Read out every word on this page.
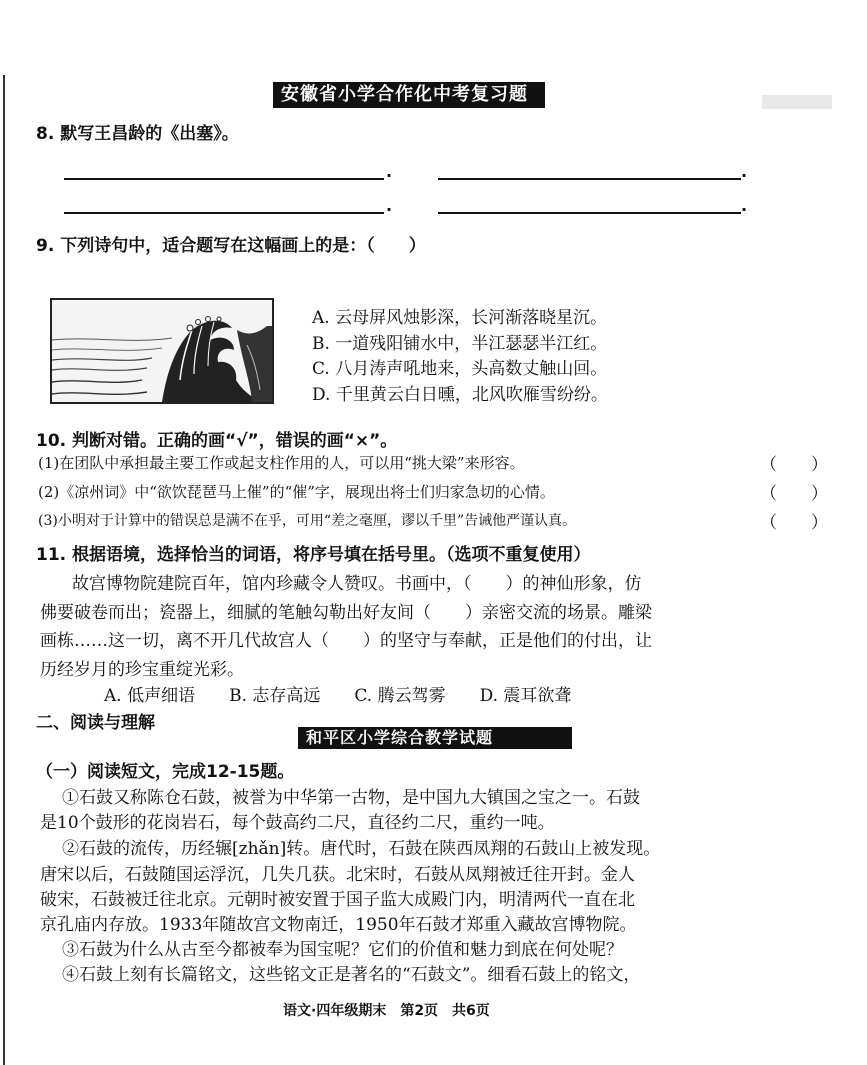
安徽省小学合作化中考复习题
8. 默写王昌龄的《出塞》。
.	.
.	.
9. 下列诗句中，适合题写在这幅画上的是：（　　）
A. 云母屏风烛影深，长河渐落晓星沉。
B. 一道残阳铺水中，半江瑟瑟半江红。
C. 八月涛声吼地来，头高数丈触山回。
D. 千里黄云白日曛，北风吹雁雪纷纷。
10. 判断对错。正确的画“√”，错误的画“×”。
(1)在团队中承担最主要工作或起支柱作用的人，可以用“挑大梁”来形容。	（　　）
(2)《凉州词》中“欲饮琵琶马上催”的“催”字，展现出将士们归家急切的心情。	（　　）
(3)小明对于计算中的错误总是满不在乎，可用“差之毫厘，谬以千里”告诫他严谨认真。	（　　）
11. 根据语境，选择恰当的词语，将序号填在括号里。（选项不重复使用）
故宫博物院建院百年，馆内珍藏令人赞叹。书画中，（　　）的神仙形象，仿
佛要破卷而出；瓷器上，细腻的笔触勾勒出好友间（　　）亲密交流的场景。雕梁
画栋……这一切，离不开几代故宫人（　　）的坚守与奉献，正是他们的付出，让
历经岁月的珍宝重绽光彩。
A. 低声细语　　B. 志存高远　　C. 腾云驾雾　　D. 震耳欲聋
二、阅读与理解
和平区小学综合教学试题
（一）阅读短文，完成12-15题。
①石鼓又称陈仓石鼓，被誉为中华第一古物，是中国九大镇国之宝之一。石鼓
是10个鼓形的花岗岩石，每个鼓高约二尺，直径约二尺，重约一吨。
②石鼓的流传，历经辗[zhǎn]转。唐代时，石鼓在陕西凤翔的石鼓山上被发现。
唐宋以后，石鼓随国运浮沉，几失几获。北宋时，石鼓从凤翔被迁往开封。金人
破宋，石鼓被迁往北京。元朝时被安置于国子监大成殿门内，明清两代一直在北
京孔庙内存放。1933年随故宫文物南迁，1950年石鼓才郑重入藏故宫博物院。
③石鼓为什么从古至今都被奉为国宝呢？它们的价值和魅力到底在何处呢？
④石鼓上刻有长篇铭文，这些铭文正是著名的“石鼓文”。细看石鼓上的铭文，
语文·四年级期末　第2页　共6页
